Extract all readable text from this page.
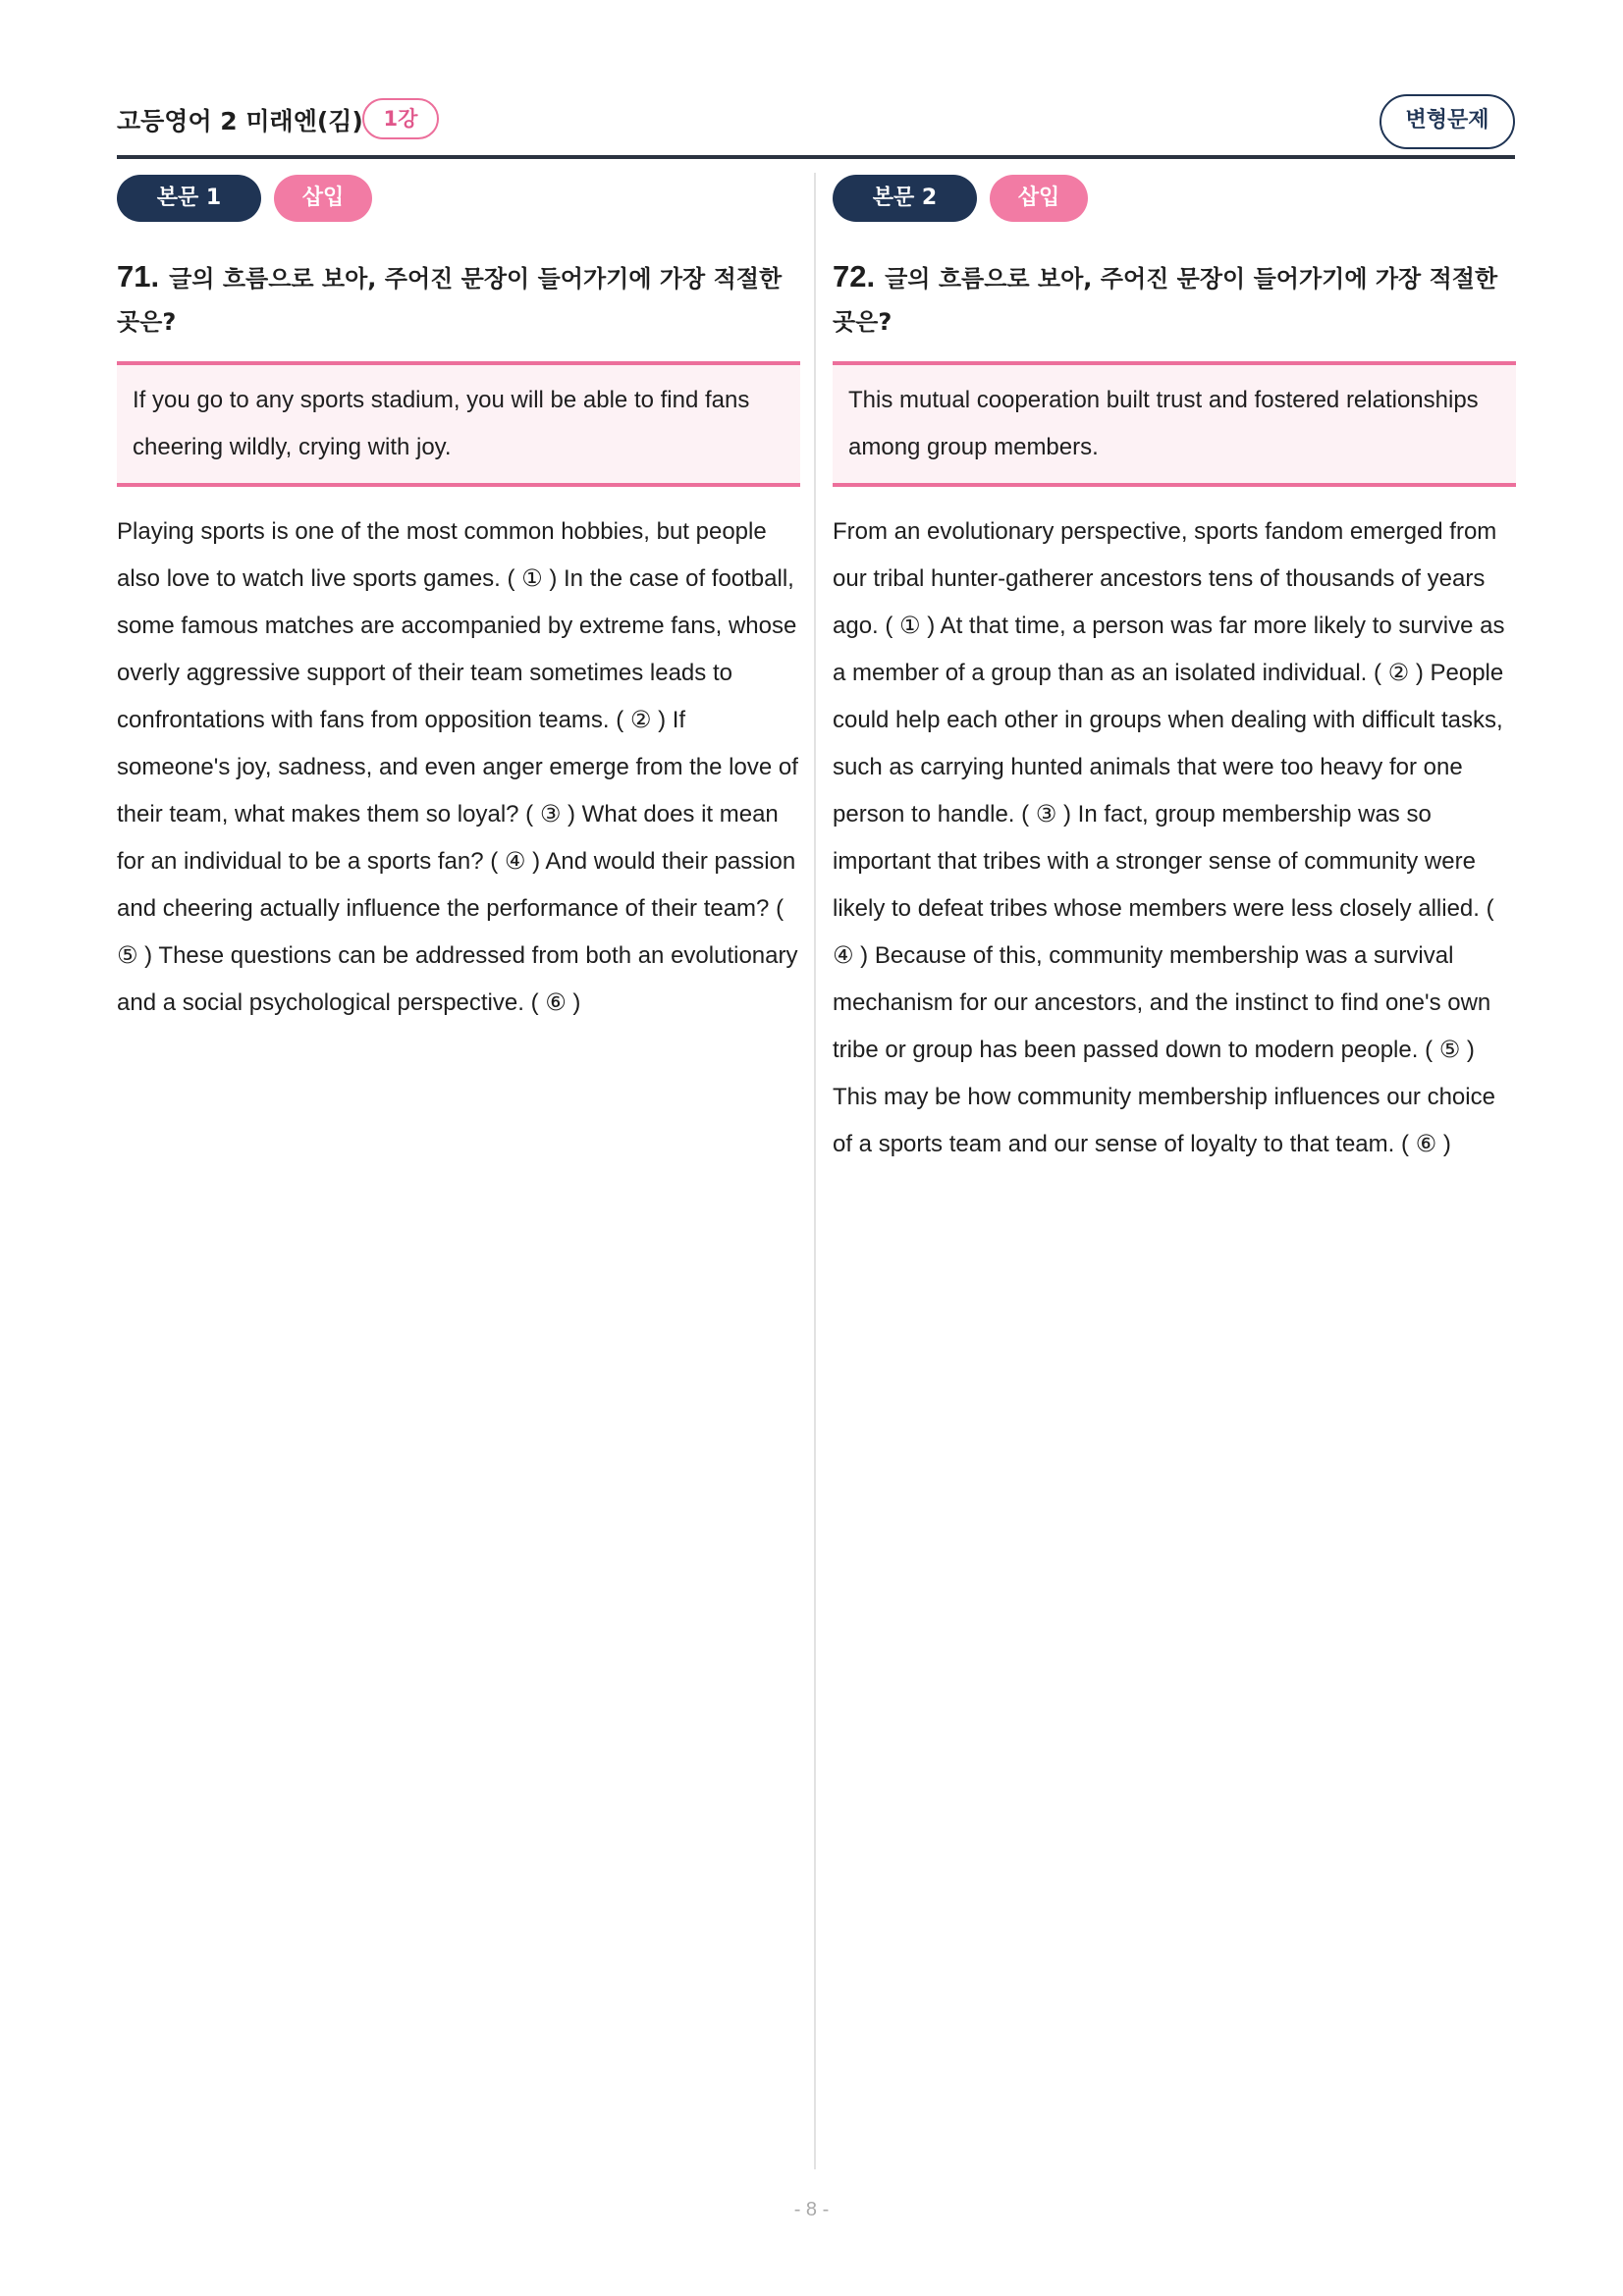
고등영어 2 미래엔(김) 1강	변형문제
본문 1	삽입
71. 글의 흐름으로 보아, 주어진 문장이 들어가기에 가장 적절한 곳은?
If you go to any sports stadium, you will be able to find fans cheering wildly, crying with joy.
Playing sports is one of the most common hobbies, but people also love to watch live sports games. ( ① ) In the case of football, some famous matches are accompanied by extreme fans, whose overly aggressive support of their team sometimes leads to confrontations with fans from opposition teams. ( ② ) If someone's joy, sadness, and even anger emerge from the love of their team, what makes them so loyal? ( ③ ) What does it mean for an individual to be a sports fan? ( ④ ) And would their passion and cheering actually influence the performance of their team? ( ⑤ ) These questions can be addressed from both an evolutionary and a social psychological perspective. ( ⑥ )
본문 2	삽입
72. 글의 흐름으로 보아, 주어진 문장이 들어가기에 가장 적절한 곳은?
This mutual cooperation built trust and fostered relationships among group members.
From an evolutionary perspective, sports fandom emerged from our tribal hunter-gatherer ancestors tens of thousands of years ago. ( ① ) At that time, a person was far more likely to survive as a member of a group than as an isolated individual. ( ② ) People could help each other in groups when dealing with difficult tasks, such as carrying hunted animals that were too heavy for one person to handle. ( ③ ) In fact, group membership was so important that tribes with a stronger sense of community were likely to defeat tribes whose members were less closely allied. ( ④ ) Because of this, community membership was a survival mechanism for our ancestors, and the instinct to find one's own tribe or group has been passed down to modern people. ( ⑤ ) This may be how community membership influences our choice of a sports team and our sense of loyalty to that team. ( ⑥ )
- 8 -
